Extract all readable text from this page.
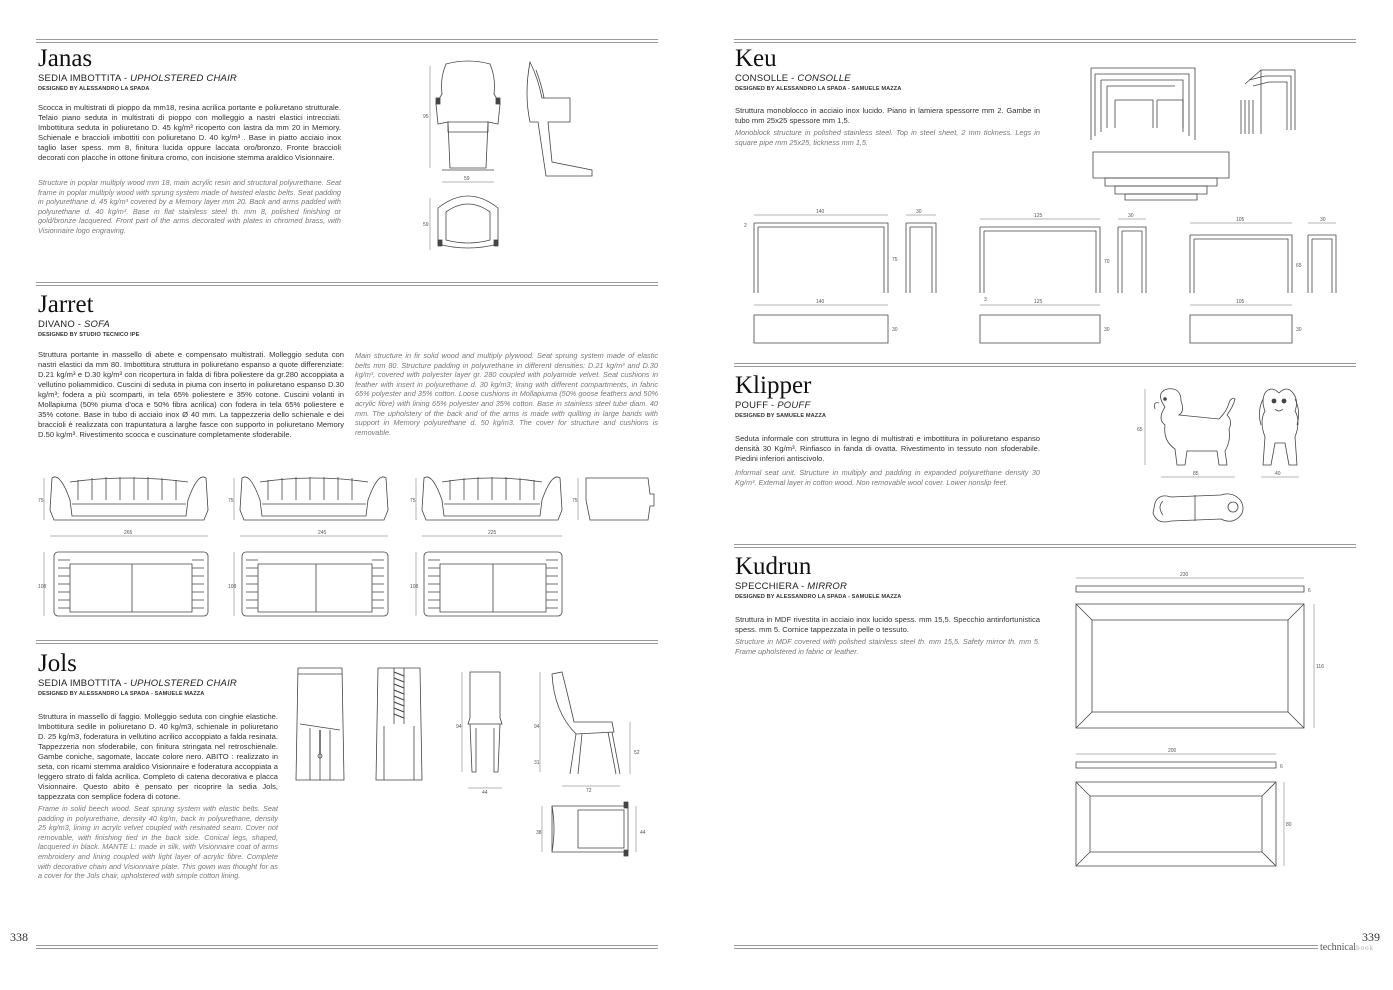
Janas
SEDIA IMBOTTITA - UPHOLSTERED CHAIR
DESIGNED BY ALESSANDRO LA SPADA
Scocca in multistrati di pioppo da mm18, resina acrilica portante e poliuretano strutturale. Telaio piano seduta in multistrati di pioppo con molleggio a nastri elastici intrecciati. Imbottitura seduta in poliuretano D. 45 kg/m³ ricoperto con lastra da mm 20 in Memory. Schienale e braccioli imbottiti con poliuretano D. 40 kg/m³ . Base in piatto acciaio inox taglio laser spess. mm 8, finitura lucida oppure laccata oro/bronzo. Fronte braccioli decorati con placche in ottone finitura cromo, con incisione stemma araldico Visionnaire.
Structure in poplar multiply wood mm 18, main acrylic resin and structural polyurethane. Seat frame in poplar multiply wood with sprung system made of twisted elastic belts. Seat padding in polyurethane d. 45 kg/m³ covered by a Memory layer mm 20. Back and arms padded with polyurethane d. 40 kg/m³. Base in flat stainless steel th. mm 8, polished finishing or gold/bronze lacquered. Front part of the arms decorated with plates in chromed brass, with Visionnaire logo engraving.
95
59
59
Jarret
DIVANO - SOFA
DESIGNED BY STUDIO TECNICO IPE
Struttura portante in massello di abete e compensato multistrati. Molleggio seduta con nastri elastici da mm 80. Imbottitura struttura in poliuretano espanso a quote differenziate: D.21 kg/m³ e D.30 kg/m³ con ricopertura in falda di fibra poliestere da gr.280 accoppiata a vellutino poliammidico. Cuscini di seduta in piuma con inserto in poliuretano espanso D.30 kg/m³; fodera a più scomparti, in tela 65% poliestere e 35% cotone. Cuscini volanti in Mollapiuma (50% piuma d'oca e 50% fibra acrilica) con fodera in tela 65% poliestere e 35% cotone. Base in tubo di acciaio inox Ø 40 mm. La tappezzeria dello schienale e dei braccioli è realizzata con trapuntatura a larghe fasce con supporto in poliuretano Memory D.50 kg/m³. Rivestimento scocca e cuscinature completamente sfoderabile.
Main structure in fir solid wood and multiply plywood. Seat sprung system made of elastic belts mm 80. Structure padding in polyurethane in different densities: D.21 kg/m³ and D.30 kg/m³, covered with polyester layer gr. 280 coupled with polyamide velvet. Seat cushions in feather with insert in polyurethane d. 30 kg/m3; lining with different compartments, in fabric 65% polyester and 35% cotton. Loose cushions in Mollapiuma (50% goose feathers and 50% acrylic fibre) with lining 65% polyester and 35% cotton. Base in stainless steel tube diam. 40 mm. The upholstery of the back and of the arms is made with quilting in large bands with support in Memory polyurethane d. 50 kg/m3. The cover for structure and cushions is removable.
75
265
75
245
75
225
75
108	108	108
Jols
SEDIA IMBOTTITA - UPHOLSTERED CHAIR
DESIGNED BY ALESSANDRO LA SPADA - SAMUELE MAZZA
Struttura in massello di faggio. Molleggio seduta con cinghie elastiche. Imbottitura sedile in poliuretano D. 40 kg/m3, schienale in poliuretano D. 25 kg/m3, foderatura in vellutino acrilico accoppiato a falda resinata. Tappezzeria non sfoderabile, con finitura stringata nel retroschienale. Gambe coniche, sagomate, laccate colore nero. ABITO : realizzato in seta, con ricami stemma araldico Visionnaire e foderatura accoppiata a leggero strato di falda acrilica. Completo di catena decorativa e placca Visionnaire. Questo abito è pensato per ricoprire la sedia Jols, tappezzata con semplice fodera di cotone.
Frame in solid beech wood. Seat sprung system with elastic belts. Seat padding in polyurethane, density 40 kg/m, back in polyurethane, density 25 kg/m3, lining in acrylc velvet coupled with resinated seam. Cover not removable, with finishing tied in the back side. Conical legs, shaped, lacquered in black. MANTE L: made in silk, with Visionnaire coat of arms embroidery and lining coupled with light layer of acrylic fibre. Complete with decorative chain and Visionnaire plate. This gown was thought for as a cover for the Jols chair, upholstered with simple cotton lining.
94
44
94
31
52
72
38	44
338
Keu
CONSOLLE - CONSOLLE
DESIGNED BY ALESSANDRO LA SPADA - SAMUELE MAZZA
Struttura monoblocco in acciaio inox lucido. Piano in lamiera spessorre mm 2. Gambe in tubo mm 25x25 spessore mm 1,5.
Monoblock structure in polished stainless steel. Top in steel sheet, 2 mm tickness. Legs in square pipe mm 25x25, tickness mm 1,5.
140	30
2
75
140
30
125	30
70
3	125
30
105	30
65
105
30
Klipper
POUFF - POUFF
DESIGNED BY SAMUELE MAZZA
Seduta informale con struttura in legno di multistrati e imbottitura in poliuretano espanso densità 30 Kg/m³. Rinfiasco in fanda di ovatta. Rivestimento in tessuto non sfoderabile. Piedini inferiori antiscivolo.
Informal seat unit. Structure in multiply and padding in expanded polyurethane density 30 Kg/m³. External layer in cotton wood. Non removable wool cover. Lower nonslip feet.
65
85	40
Kudrun
SPECCHIERA - MIRROR
DESIGNED BY ALESSANDRO LA SPADA - SAMUELE MAZZA
Struttura in MDF rivestita in acciaio inox lucido spess. mm 15,5. Specchio antinfortunistica spess. mm 5. Cornice tappezzata in pelle o tessuto.
Structure in MDF covered with polished stainless steel th. mm 15,5. Safety mirror th. mm 5. Frame upholstered in fabric or leather.
230
6
116
200
6
80
339
technicalbook
